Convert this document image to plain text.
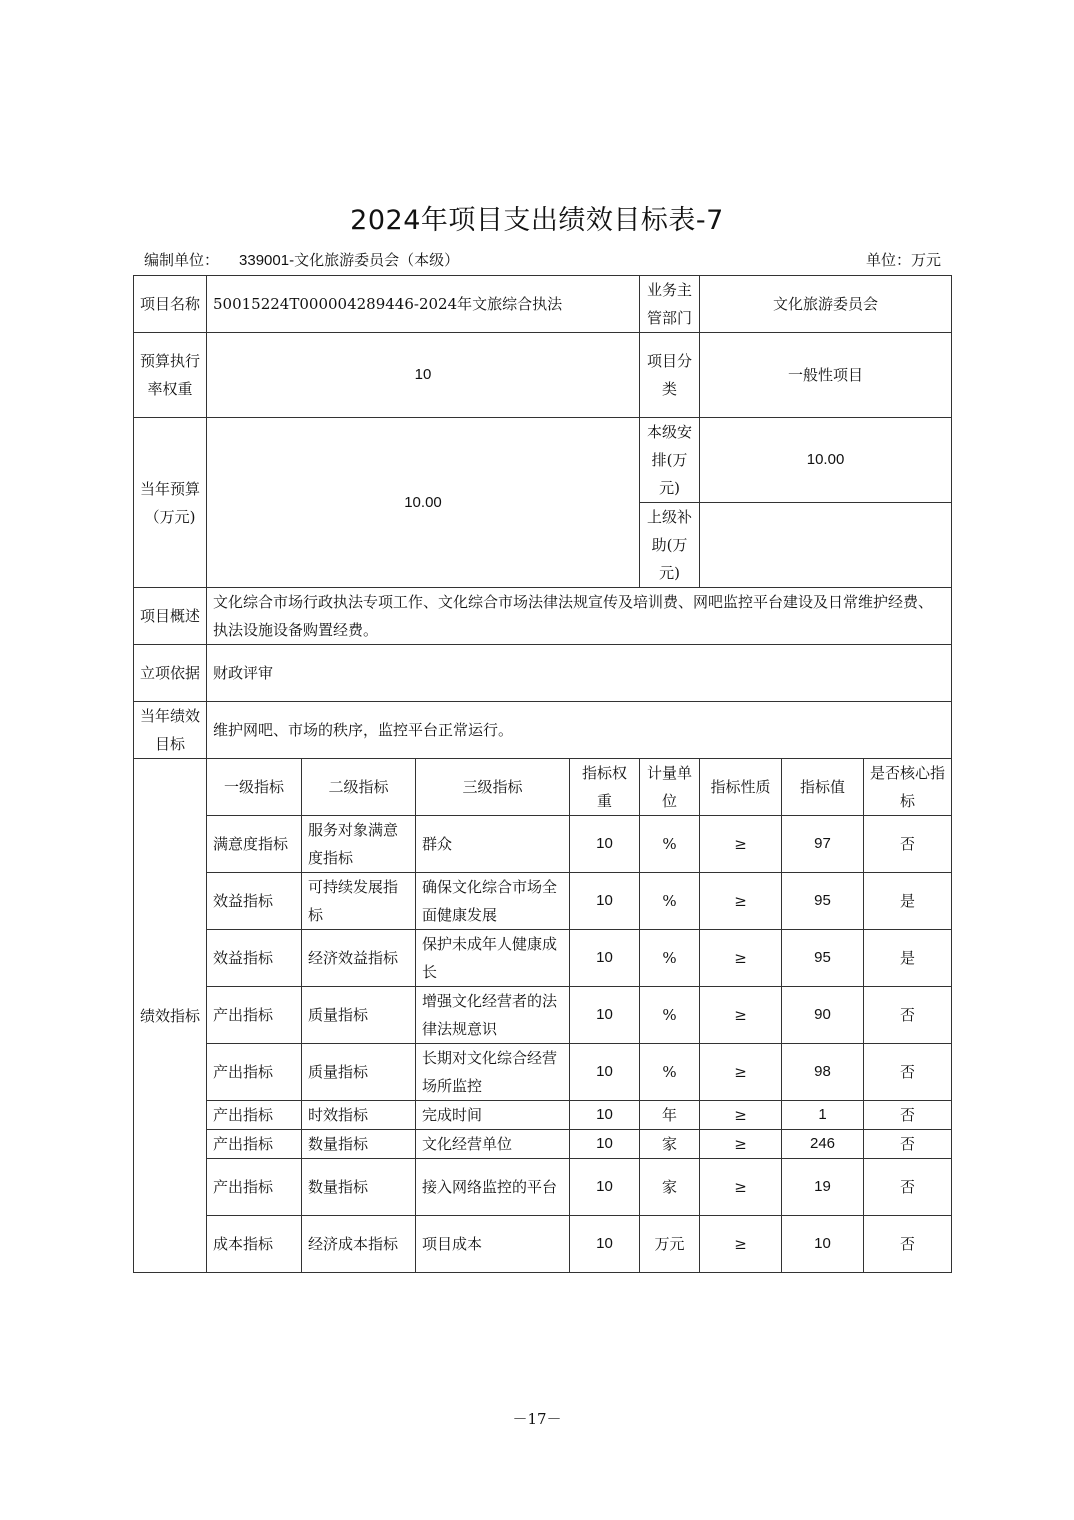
2024年项目支出绩效目标表-7
编制单位： 339001-文化旅游委员会（本级）	单位：万元
项目名称	50015224T000004289446-2024年文旅综合执法				业务主管部门	文化旅游委员会		
预算执行率权重	10				项目分类	一般性项目		
当年预算（万元)	10.00				本级安排(万元)	10.00		
					上级补助(万元)			
项目概述	文化综合市场行政执法专项工作、文化综合市场法律法规宣传及培训费、网吧监控平台建设及日常维护经费、执法设施设备购置经费。							
立项依据	财政评审							
当年绩效目标	维护网吧、市场的秩序，监控平台正常运行。							
绩效指标	一级指标	二级指标	三级指标	指标权重	计量单位	指标性质	指标值	是否核心指标
	满意度指标	服务对象满意度指标	群众	10	%	≥	97	否
	效益指标	可持续发展指标	确保文化综合市场全面健康发展	10	%	≥	95	是
	效益指标	经济效益指标	保护未成年人健康成长	10	%	≥	95	是
	产出指标	质量指标	增强文化经营者的法律法规意识	10	%	≥	90	否
	产出指标	质量指标	长期对文化综合经营场所监控	10	%	≥	98	否
	产出指标	时效指标	完成时间	10	年	≥	1	否
	产出指标	数量指标	文化经营单位	10	家	≥	246	否
	产出指标	数量指标	接入网络监控的平台	10	家	≥	19	否
	成本指标	经济成本指标	项目成本	10	万元	≥	10	否
－17－
